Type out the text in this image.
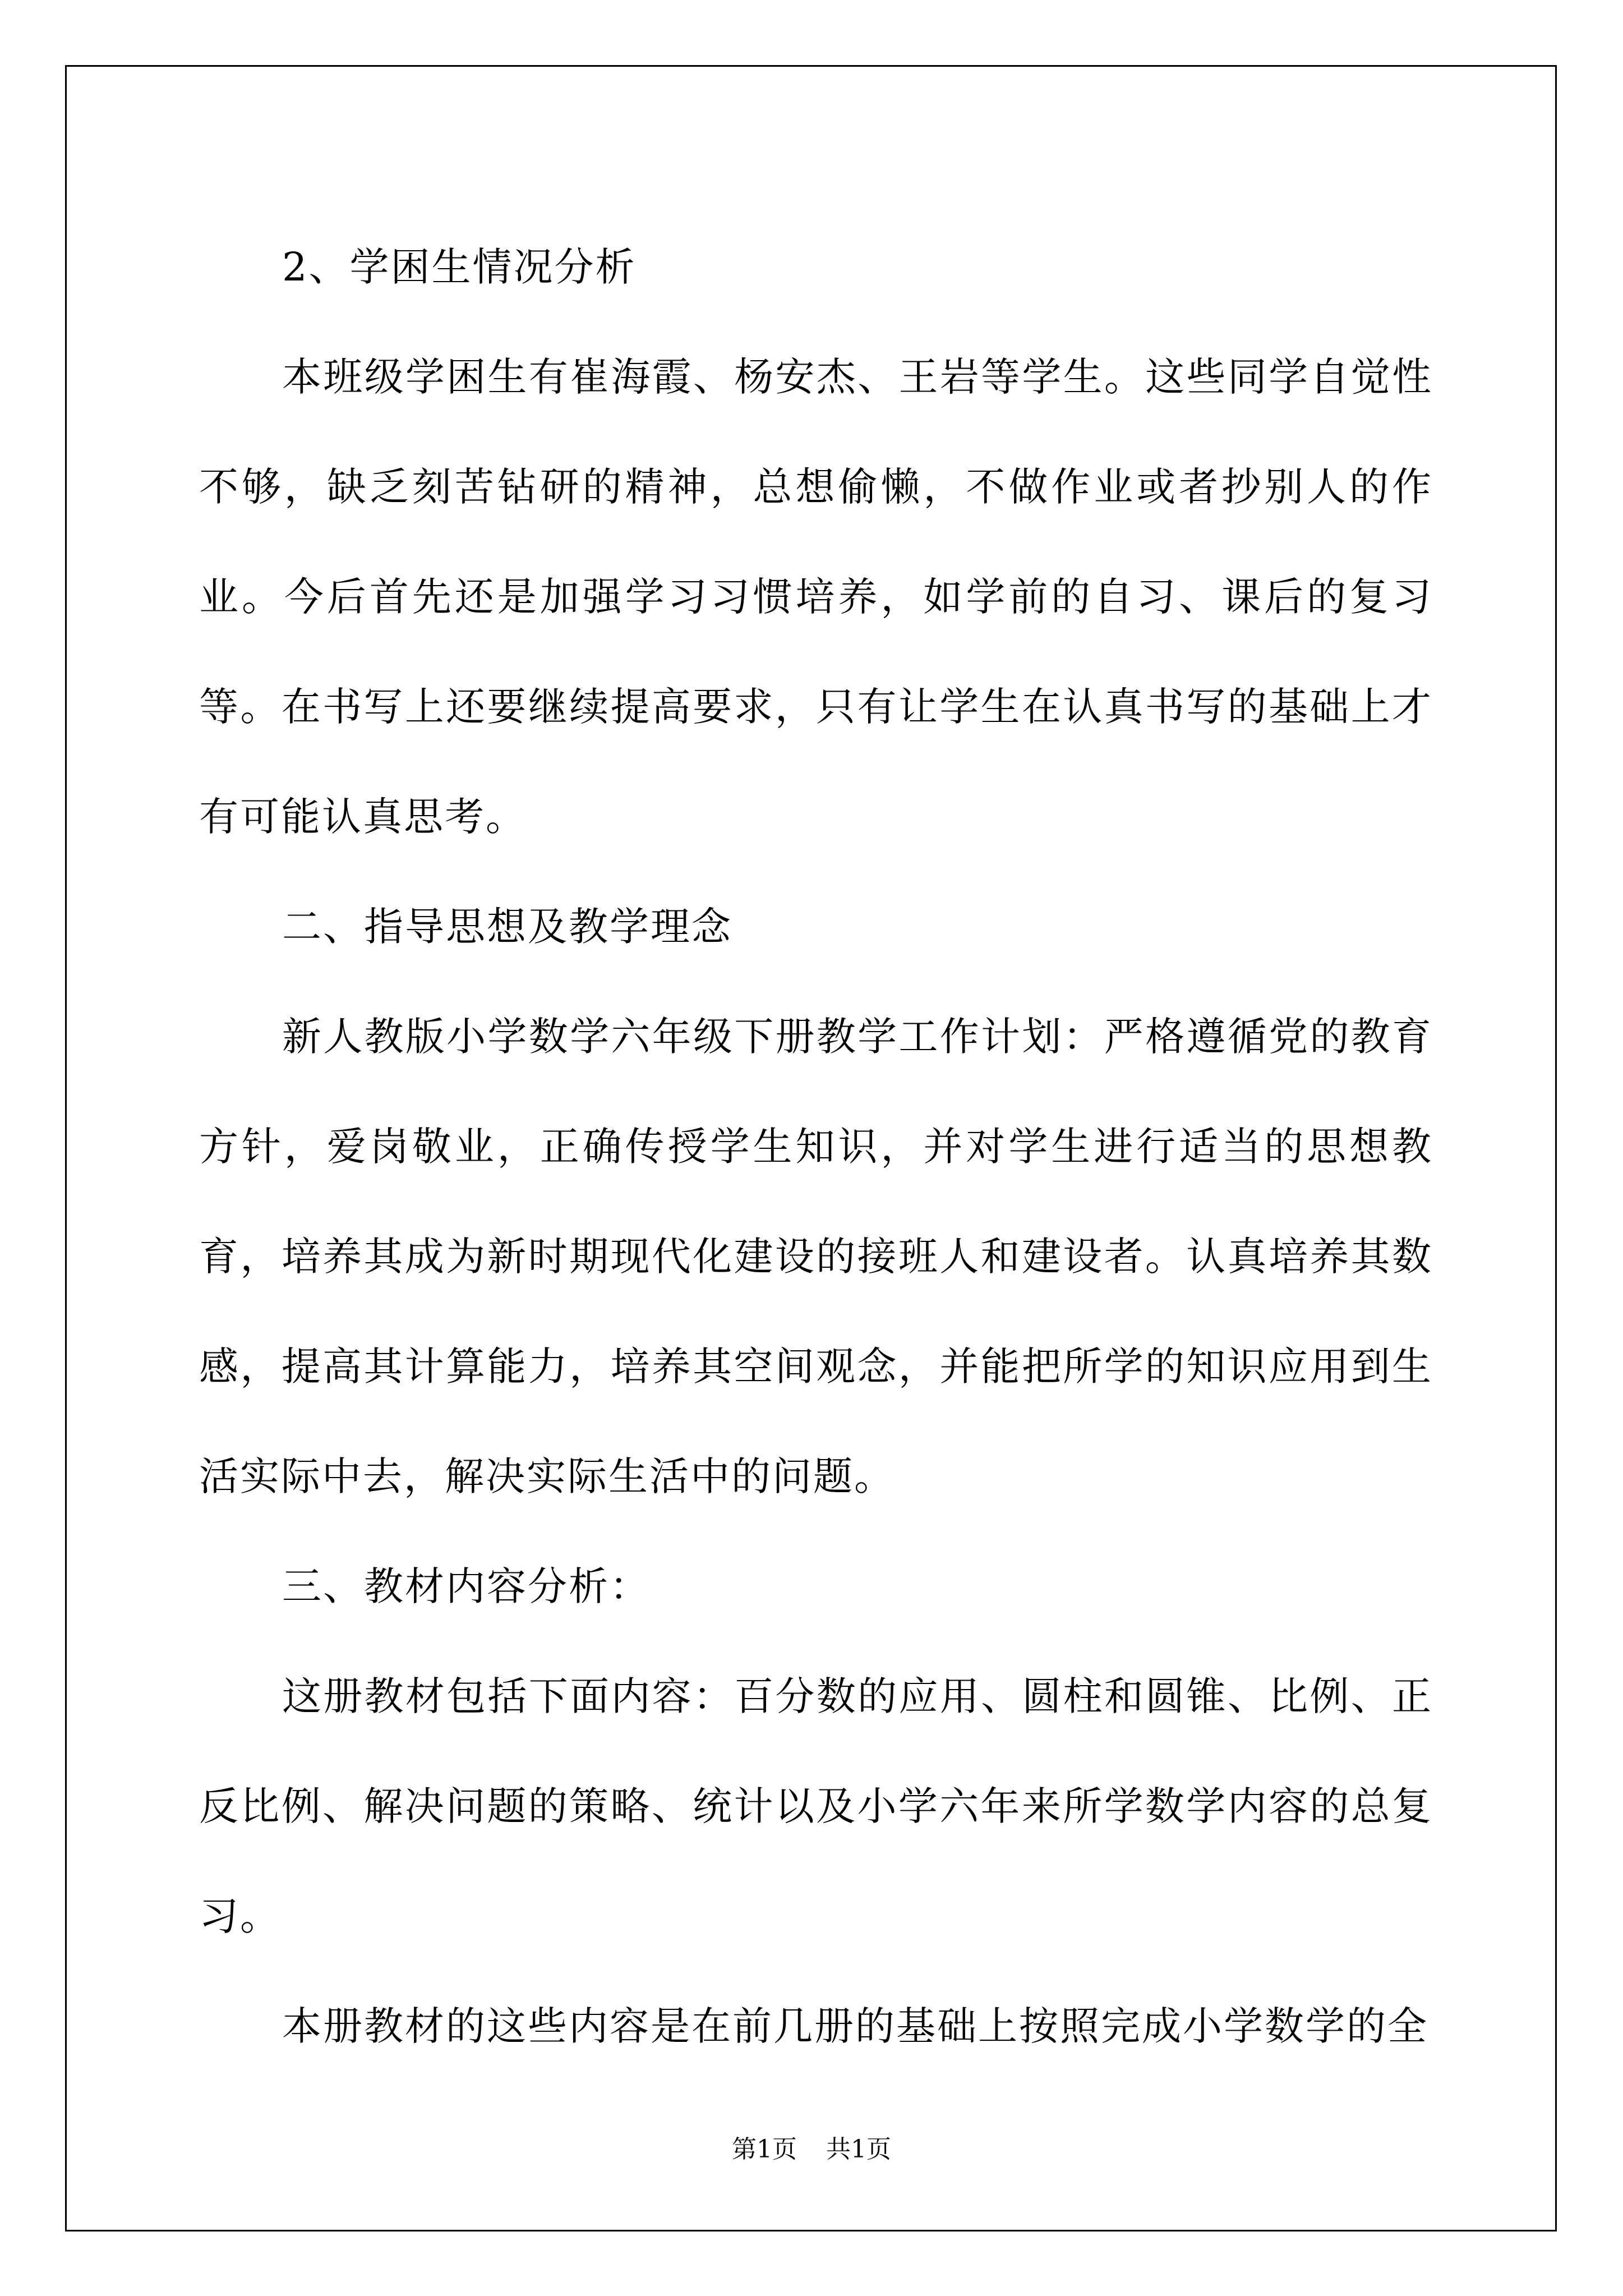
2、学困生情况分析

本班级学困生有崔海霞、杨安杰、王岩等学生。这些同学自觉性不够，缺乏刻苦钻研的精神，总想偷懒，不做作业或者抄别人的作业。今后首先还是加强学习习惯培养，如学前的自习、课后的复习等。在书写上还要继续提高要求，只有让学生在认真书写的基础上才有可能认真思考。

二、指导思想及教学理念

新人教版小学数学六年级下册教学工作计划：严格遵循党的教育方针，爱岗敬业，正确传授学生知识，并对学生进行适当的思想教育，培养其成为新时期现代化建设的接班人和建设者。认真培养其数感，提高其计算能力，培养其空间观念，并能把所学的知识应用到生活实际中去，解决实际生活中的问题。

三、教材内容分析：

这册教材包括下面内容：百分数的应用、圆柱和圆锥、比例、正反比例、解决问题的策略、统计以及小学六年来所学数学内容的总复习。

本册教材的这些内容是在前几册的基础上按照完成小学数学的全

第1页 共1页
